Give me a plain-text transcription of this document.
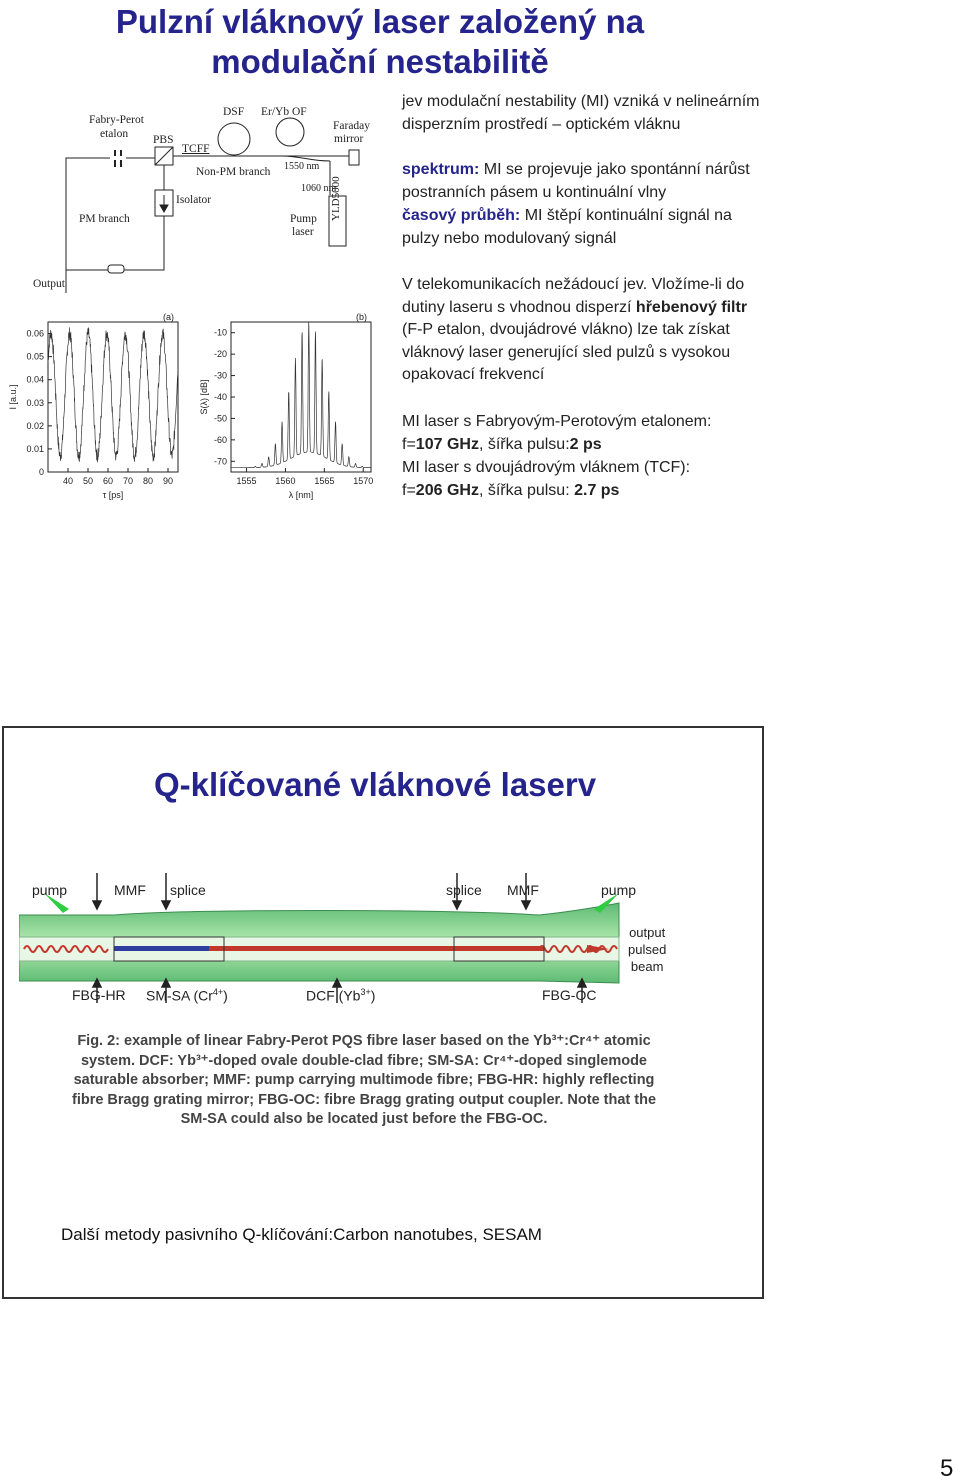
Pulzní vláknový laser založený na
modulační nestabilitě
Fabry-Perot
etalon PBS
TCFF
DSF Er/Yb OF
Faraday
mirror
Non-PM branch 1550 nm
Isolator
1060 nm
Pump
laser
PM branch	YLD5000
Output
40 50 60 70 80 90
0
0.01
0.02
0.03
0.04
0.05
0.06
τ [ps]
I [a.u.]
(a)
1555 1560 1565 1570
-10
-20
-30
-40
-50
-60
-70
λ [nm]
S(λ) [dB]
(b)
jev modulační nestability (MI) vzniká v nelineárním disperzním prostředí – optickém vláknu
spektrum: MI se projevuje jako spontánní nárůst postranních pásem u kontinuální vlny
časový průběh: MI štěpí kontinuální signál na pulzy nebo modulovaný signál
V telekomunikacích nežádoucí jev. Vložíme-li do dutiny laseru s vhodnou disperzí hřebenový filtr (F-P etalon, dvoujádrové vlákno) lze tak získat vláknový laser generující sled pulzů s vysokou opakovací frekvencí
MI laser s Fabryovým-Perotovým etalonem:
f=107 GHz, šířka pulsu:2 ps
MI laser s dvoujádrovým vláknem (TCF):
f=206 GHz, šířka pulsu: 2.7 ps
Q-klíčované vláknové laserv
pump	MMF splice	splice MMF	pump
output
pulsed
beam
FBG-HR SM-SA $(Cr^{4+})$	DCF $(Yb^{3+})$	FBG-OC
Fig. 2: example of linear Fabry-Perot PQS fibre laser based on the Yb³⁺:Cr⁴⁺ atomic
system. DCF: Yb³⁺-doped ovale double-clad fibre; SM-SA: Cr⁴⁺-doped singlemode
saturable absorber; MMF: pump carrying multimode fibre; FBG-HR: highly reflecting
fibre Bragg grating mirror; FBG-OC: fibre Bragg grating output coupler. Note that the
SM-SA could also be located just before the FBG-OC.
Další metody pasivního Q-klíčování:Carbon nanotubes, SESAM
5
